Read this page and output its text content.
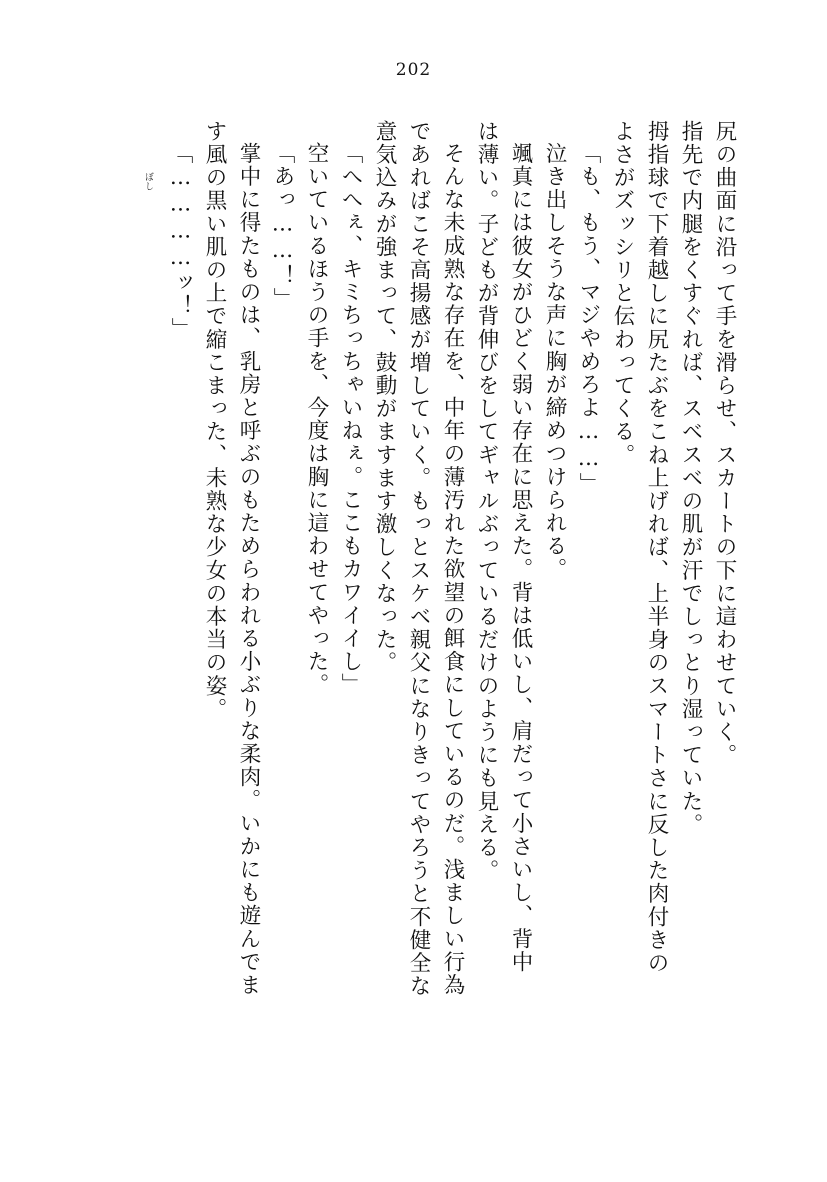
202
尻の曲面に沿って手を滑らせ、スカートの下に這わせていく。
指先で内腿をくすぐれば、スベスベの肌が汗でしっとり湿っていた。
拇指球で下着越しに尻たぶをこね上げれば、上半身のスマートさに反した肉付きの
よさがズッシリと伝わってくる。
「も、もう、マジやめろよ……」
泣き出しそうな声に胸が締めつけられる。
颯真には彼女がひどく弱い存在に思えた。背は低いし、肩だって小さいし、背中
は薄い。子どもが背伸びをしてギャルぶっているだけのようにも見える。
そんな未成熟な存在を、中年の薄汚れた欲望の餌食にしているのだ。浅ましい行為
であればこそ高揚感が増していく。もっとスケベ親父になりきってやろうと不健全な
意気込みが強まって、鼓動がますます激しくなった。
「へへぇ、キミちっちゃいねぇ。ここもカワイイし」
空いているほうの手を、今度は胸に這わせてやった。
「あっ……！」
掌中に得たものは、乳房と呼ぶのもためらわれる小ぶりな柔肉。いかにも遊んでま
す風の黒い肌の上で縮こまった、未熟な少女の本当の姿。
「…………ッ！」
ぼし
